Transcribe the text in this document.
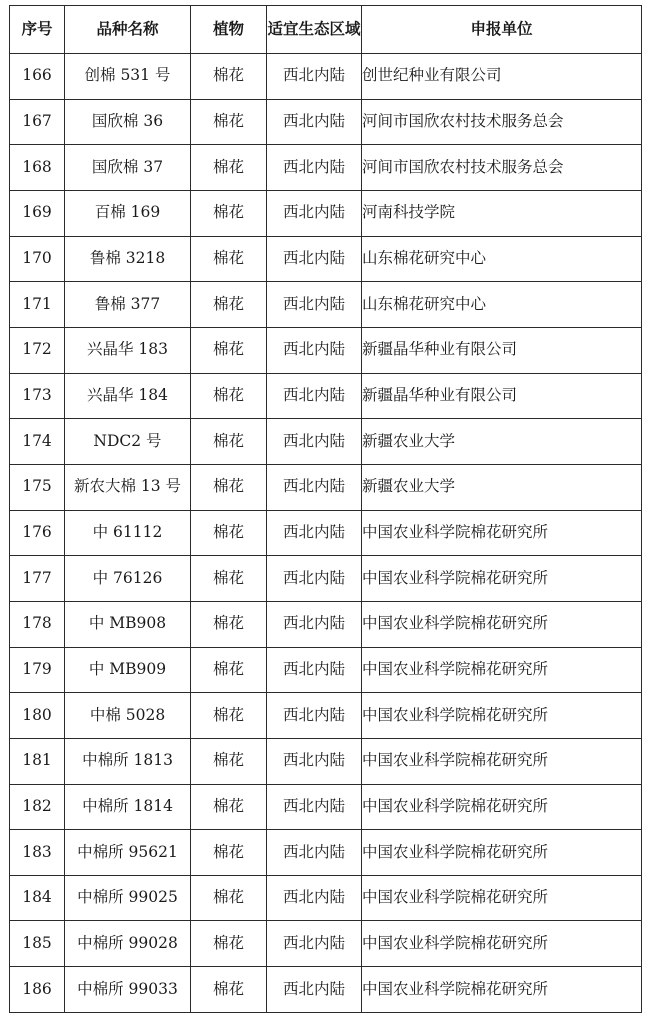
序号	品种名称	植物	适宜生态区域	申报单位
166	创棉 531 号	棉花	西北内陆	创世纪种业有限公司
167	国欣棉 36	棉花	西北内陆	河间市国欣农村技术服务总会
168	国欣棉 37	棉花	西北内陆	河间市国欣农村技术服务总会
169	百棉 169	棉花	西北内陆	河南科技学院
170	鲁棉 3218	棉花	西北内陆	山东棉花研究中心
171	鲁棉 377	棉花	西北内陆	山东棉花研究中心
172	兴晶华 183	棉花	西北内陆	新疆晶华种业有限公司
173	兴晶华 184	棉花	西北内陆	新疆晶华种业有限公司
174	NDC2 号	棉花	西北内陆	新疆农业大学
175	新农大棉 13 号	棉花	西北内陆	新疆农业大学
176	中 61112	棉花	西北内陆	中国农业科学院棉花研究所
177	中 76126	棉花	西北内陆	中国农业科学院棉花研究所
178	中 MB908	棉花	西北内陆	中国农业科学院棉花研究所
179	中 MB909	棉花	西北内陆	中国农业科学院棉花研究所
180	中棉 5028	棉花	西北内陆	中国农业科学院棉花研究所
181	中棉所 1813	棉花	西北内陆	中国农业科学院棉花研究所
182	中棉所 1814	棉花	西北内陆	中国农业科学院棉花研究所
183	中棉所 95621	棉花	西北内陆	中国农业科学院棉花研究所
184	中棉所 99025	棉花	西北内陆	中国农业科学院棉花研究所
185	中棉所 99028	棉花	西北内陆	中国农业科学院棉花研究所
186	中棉所 99033	棉花	西北内陆	中国农业科学院棉花研究所
